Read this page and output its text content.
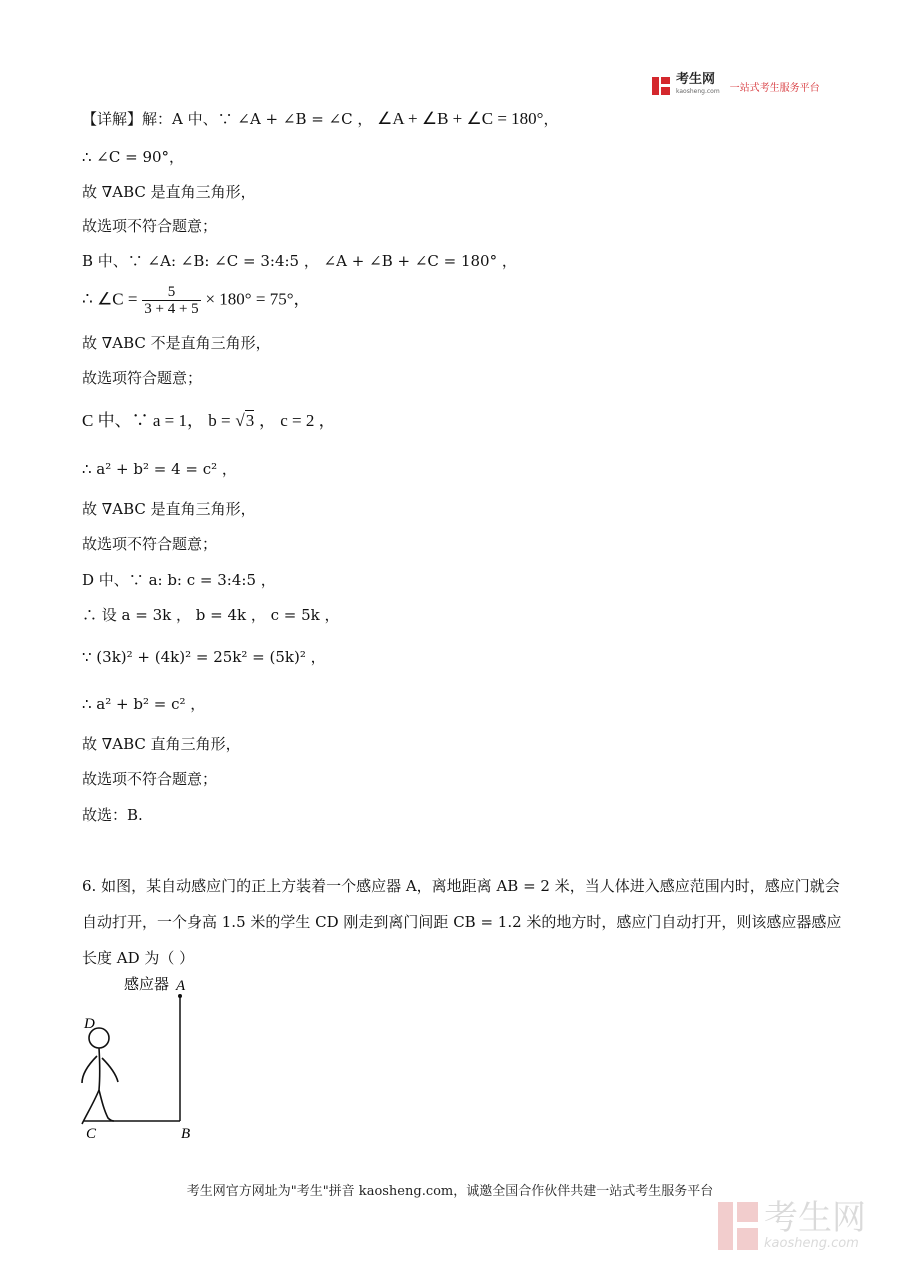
考生网
kaosheng.com 一站式考生服务平台
【详解】解：A 中、∵ ∠A + ∠B = ∠C ， ∠A + ∠B + ∠C = 180°，
∴ ∠C = 90°，
故 ∇ABC 是直角三角形，
故选项不符合题意；
B 中、∵ ∠A: ∠B: ∠C = 3:4:5 ， ∠A + ∠B + ∠C = 180° ，
∴ ∠C = $\frac{5}{3 + 4 + 5} \times 180^\circ = 75^\circ$，
故 ∇ABC 不是直角三角形，
故选项符合题意；
C 中、∵ a = 1， b = √3 ， c = 2 ，
∴ a² + b² = 4 = c² ，
故 ∇ABC 是直角三角形，
故选项不符合题意；
D 中、∵ a: b: c = 3:4:5 ，
∴ 设 a = 3k ， b = 4k ， c = 5k ，
∵ (3k)² + (4k)² = 25k² = (5k)² ，
∴ a² + b² = c² ，
故 ∇ABC 直角三角形，
故选项不符合题意；
故选：B.
6. 如图，某自动感应门的正上方装着一个感应器 A，离地距离 AB = 2 米，当人体进入感应范围内时，感应门就会自动打开，一个身高 1.5 米的学生 CD 刚走到离门间距 CB = 1.2 米的地方时，感应门自动打开，则该感应器感应长度 AD 为（ ）
感应器 A
B
C
D
考生网官方网址为"考生"拼音 kaosheng.com，诚邀全国合作伙伴共建一站式考生服务平台
考生网
kaosheng.com
